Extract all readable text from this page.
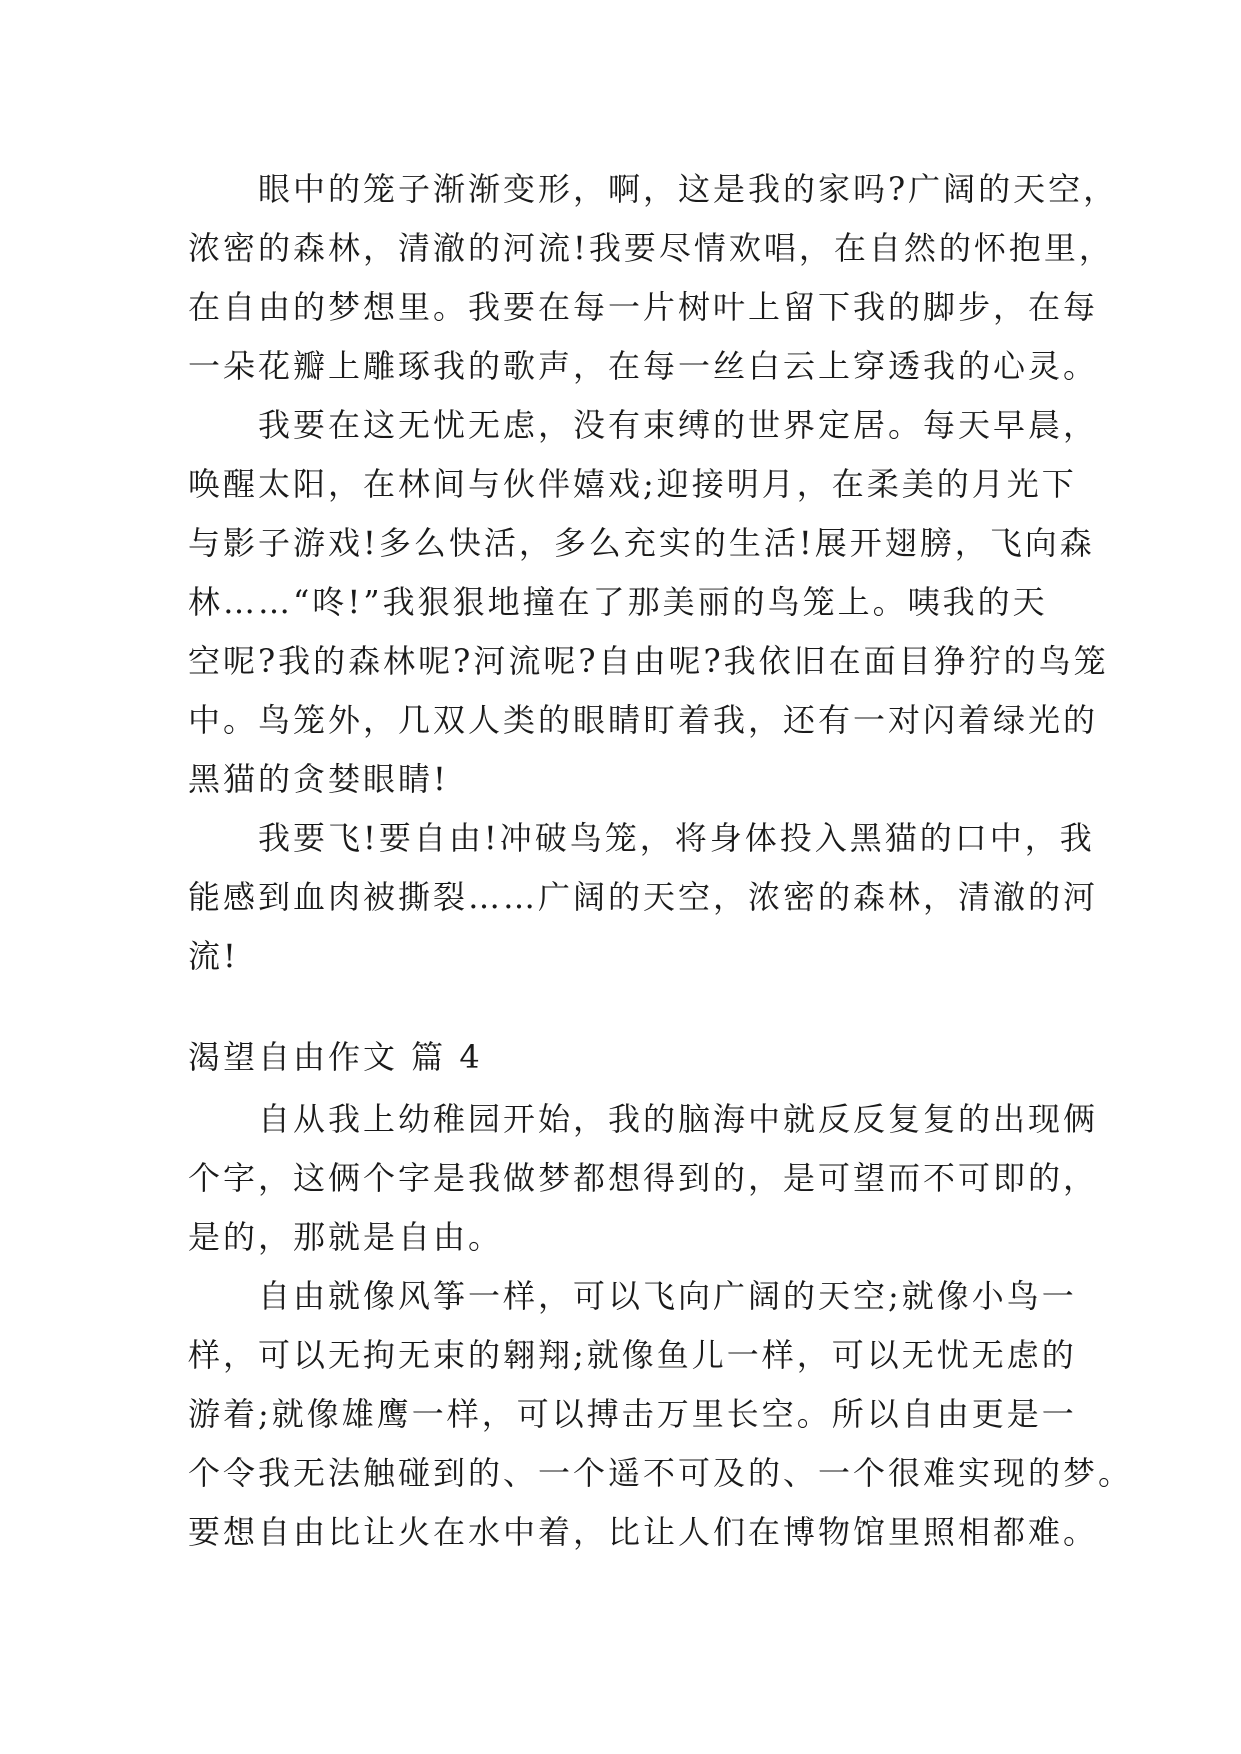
眼中的笼子渐渐变形，啊，这是我的家吗?广阔的天空，
浓密的森林，清澈的河流!我要尽情欢唱，在自然的怀抱里，
在自由的梦想里。我要在每一片树叶上留下我的脚步，在每
一朵花瓣上雕琢我的歌声，在每一丝白云上穿透我的心灵。
我要在这无忧无虑，没有束缚的世界定居。每天早晨，
唤醒太阳，在林间与伙伴嬉戏;迎接明月，在柔美的月光下
与影子游戏!多么快活，多么充实的生活!展开翅膀，飞向森
林……“咚!”我狠狠地撞在了那美丽的鸟笼上。咦我的天
空呢?我的森林呢?河流呢?自由呢?我依旧在面目狰狞的鸟笼
中。鸟笼外，几双人类的眼睛盯着我，还有一对闪着绿光的
黑猫的贪婪眼睛!
我要飞!要自由!冲破鸟笼，将身体投入黑猫的口中，我
能感到血肉被撕裂……广阔的天空，浓密的森林，清澈的河
流!
渴望自由作文 篇 4
自从我上幼稚园开始，我的脑海中就反反复复的出现俩
个字，这俩个字是我做梦都想得到的，是可望而不可即的，
是的，那就是自由。
自由就像风筝一样，可以飞向广阔的天空;就像小鸟一
样，可以无拘无束的翱翔;就像鱼儿一样，可以无忧无虑的
游着;就像雄鹰一样，可以搏击万里长空。所以自由更是一
个令我无法触碰到的、一个遥不可及的、一个很难实现的梦。
要想自由比让火在水中着，比让人们在博物馆里照相都难。
